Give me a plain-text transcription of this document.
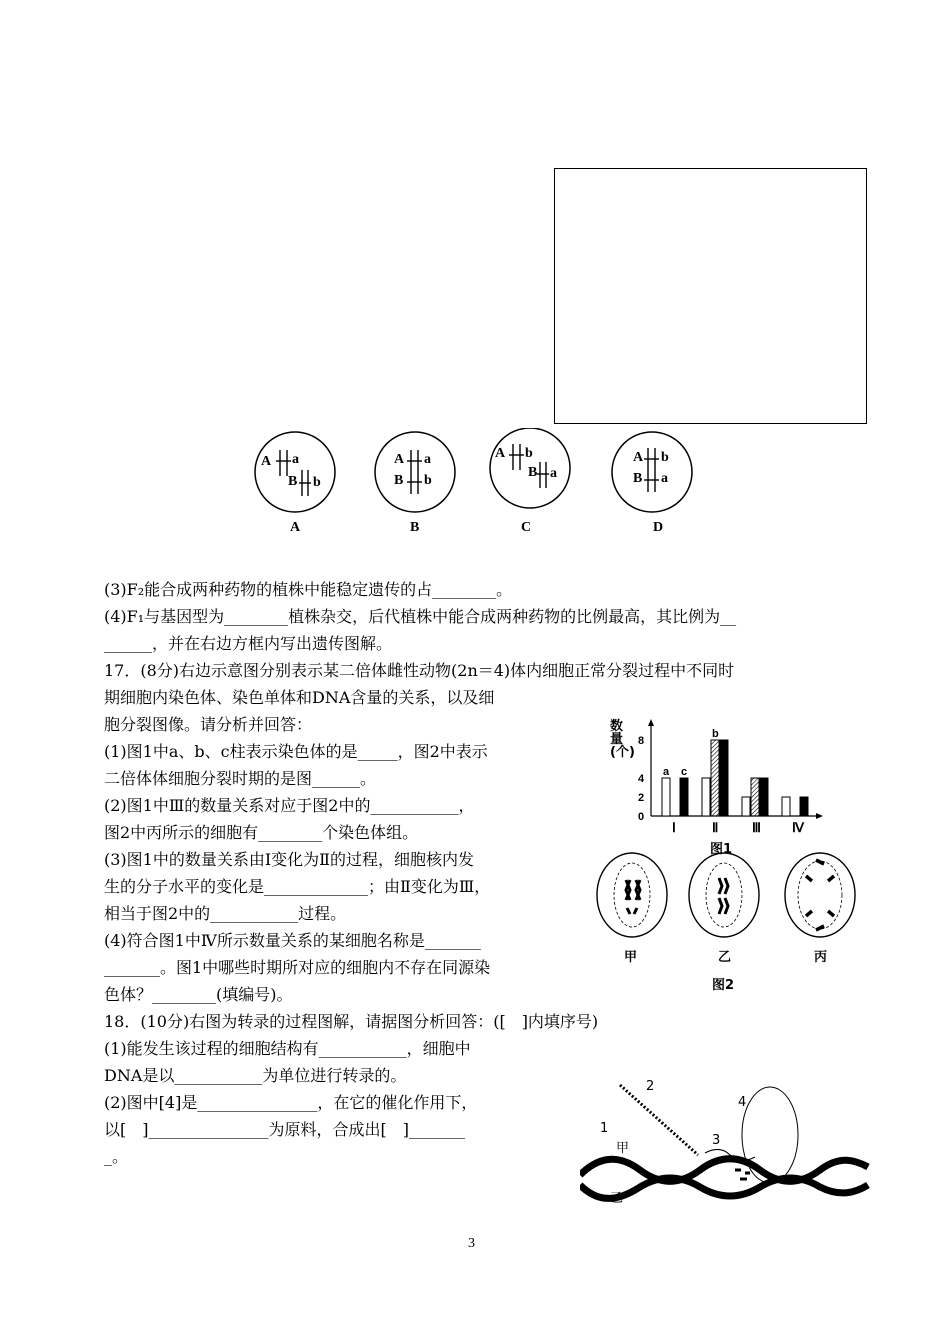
A a
B b
A a
B b
A b
B a
A b
B a
A	B	C	D
(3)F₂能合成两种药物的植株中能稳定遗传的占________。
(4)F₁与基因型为________植株杂交，后代植株中能合成两种药物的比例最高，其比例为__
______，并在右边方框内写出遗传图解。
17．(8分)右边示意图分别表示某二倍体雌性动物(2n＝4)体内细胞正常分裂过程中不同时
期细胞内染色体、染色单体和DNA含量的关系，以及细
胞分裂图像。请分析并回答：
(1)图1中a、b、c柱表示染色体的是_____，图2中表示
二倍体体细胞分裂时期的是图______。
(2)图1中Ⅲ的数量关系对应于图2中的___________，
图2中丙所示的细胞有________个染色体组。
(3)图1中的数量关系由Ⅰ变化为Ⅱ的过程，细胞核内发
生的分子水平的变化是_____________；由Ⅱ变化为Ⅲ，
相当于图2中的___________过程。
(4)符合图1中Ⅳ所示数量关系的某细胞名称是_______
_______。图1中哪些时期所对应的细胞内不存在同源染
色体？________(填编号)。
18．(10分)右图为转录的过程图解，请据图分析回答：([　]内填序号)
(1)能发生该过程的细胞结构有___________，细胞中
DNA是以___________为单位进行转录的。
(2)图中[4]是_______________，在它的催化作用下，
以[　]_______________为原料，合成出[　]_______
_。
0
2
4
8
Ⅰ	Ⅱ	Ⅲ Ⅳ
a
b
c
数量(个)
图1
甲	乙	丙
图2
2
3
4
1
甲
乙
3
